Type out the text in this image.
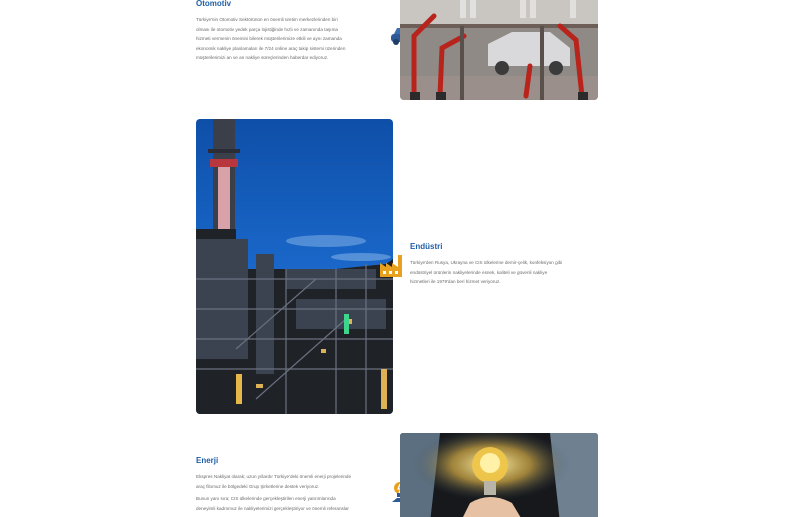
Otomotiv
Türkiye'nin Otomotiv Sektörünün en önemli üretim merkezlerinden biri
olması ile otomotiv yedek parça lojistiğinde hızlı ve zamanında taşıma
hizmeti vermenin önemini bilerek müşterilerimize etkili ve aynı zamanda
ekonomik nakliye planlamaları ile 7/24 online araç takip sistemi üzerinden
müşterilerimizi an ve an nakliye süreçlerinden haberdar ediyoruz.
Endüstri
Türkiye'den Rusya, Ukrayna ve CIS ülkelerine demir-çelik, konfeksiyon gibi
endüstriyel ürünlerin nakliyelerinde esnek, kaliteli ve güvenli nakliye
hizmetleri ile 1979'dan beri hizmet veriyoruz.
Enerji
Ekspres Nakliyat olarak; uzun yıllardır Türkiye'deki önemli enerji projelerinde
araç filomuz ile bölgedeki Grup Şirketlerine destek veriyoruz.
Bunun yanı sıra; CIS ülkelerinde gerçekleştirilen enerji yatırımlarında
deneyimli kadromuz ile nakliyelerimizi gerçekleştiriyor ve önemli referanslar
